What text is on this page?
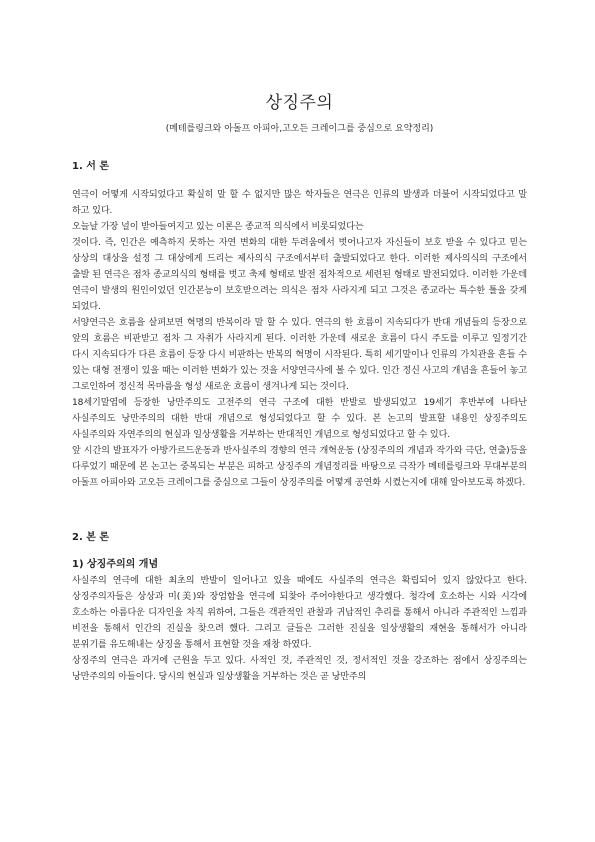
상징주의
(메테를링크와 아돌프 아피아,고오든 크레이그를 중심으로 요약정리)
1. 서 론

연극이 어떻게 시작되었다고 확실히 말 할 수 없지만 많은 학자들은 연극은 인류의 발생과 더불어 시작되었다고 말 하고 있다.

오늘날 가장 널이 받아들여지고 있는 이론은 종교적 의식에서 비롯되었다는

것이다. 즉, 인간은 예측하지 못하는 자연 변화의 대한 두려움에서 벗어나고자 자신들이 보호 받을 수 있다고 믿는 상상의 대상을 설정 그 대상에게 드리는 제사의식 구조에서부터 출발되었다고 한다. 이러한 제사의식의 구조에서 출발 된 연극은 점차 종교의식의 형태를 벗고 축제 형태로 발전 점차적으로 세련된 형태로 발전되었다. 이러한 가운데 연극이 발생의 원인이었던 인간본능이 보호받으려는 의식은 점차 사라지게 되고 그것은 종교라는 특수한 틀을 갖게 되었다.

서양연극은 흐름을 살펴보면 혁명의 반복이라 말 할 수 있다. 연극의 한 흐름이 지속되다가 반대 개념들의 등장으로 앞의 흐름은 비판받고 점차 그 자취가 사라지게 된다. 이러한 가운데 새로운 흐름이 다시 주도를 이루고 일정기간 다시 지속되다가 다른 흐름이 등장 다시 비판하는 반복의 혁명이 시작된다. 특히 세기말이나 인류의 가치관을 흔들 수 있는 대형 전쟁이 있을 때는 이러한 변화가 있는 것을 서양연극사에 볼 수 있다. 인간 정신 사고의 개념을 흔들어 놓고 그로인하여 정신적 목마름을 형성 새로운 흐름이 생겨나게 되는 것이다.

18세기말엽에 등장한 낭만주의도 고전주의 연극 구조에 대한 반발로 발생되었고 19세기 후반부에 나타난 사실주의도 낭만주의의 대한 반대 개념으로 형성되었다고 할 수 있다. 본 논고의 발표할 내용인 상징주의도 사실주의와 자연주의의 현실과 일상생활을 거부하는 반대적인 개념으로 형성되었다고 할 수 있다.

앞 시간의 발표자가 아방가르드운동과 반사실주의 경향의 연극 개혁운동 (상징주의의 개념과 작가와 극단, 연출)등을 다루었기 때문에 본 논고는 중복되는 부분은 피하고 상징주의 개념정리를 바탕으로 극작가 메테를링크와 무대부분의 아돌프 아피아와 고오든 크레이그를 중심으로 그들이 상징주의를 어떻게 공연화 시켰는지에 대해 알아보도록 하겠다.

2. 본 론
1) 상징주의의 개념

사실주의 연극에 대한 최초의 반발이 일어나고 있을 때에도 사실주의 연극은 확립되어 있지 않았다고 한다. 상징주의자들은 상상과 미(美)와 장엄함을 연극에 되찾아 주어야한다고 생각했다. 청각에 호소하는 시와 시각에 호소하는 아름다운 디자인을 차직 위하여, 그들은 객관적인 관찰과 귀납적인 추리를 통해서 아니라 주관적인 느낌과 비전을 통해서 인간의 진실을 찾으려 했다. 그리고 글들은 그러한 진실을 일상생활의 재현을 통해서가 아니라 분위기를 유도해내는 상징을 통해서 표현할 것을 재창 하였다.

상징주의 연극은 과거에 근원을 두고 있다. 사적인 것, 주관적인 것, 정서적인 것을 강조하는 점에서 상징주의는 낭만주의의 아들이다. 당시의 현실과 일상생활을 거부하는 것은 곧 낭만주의
